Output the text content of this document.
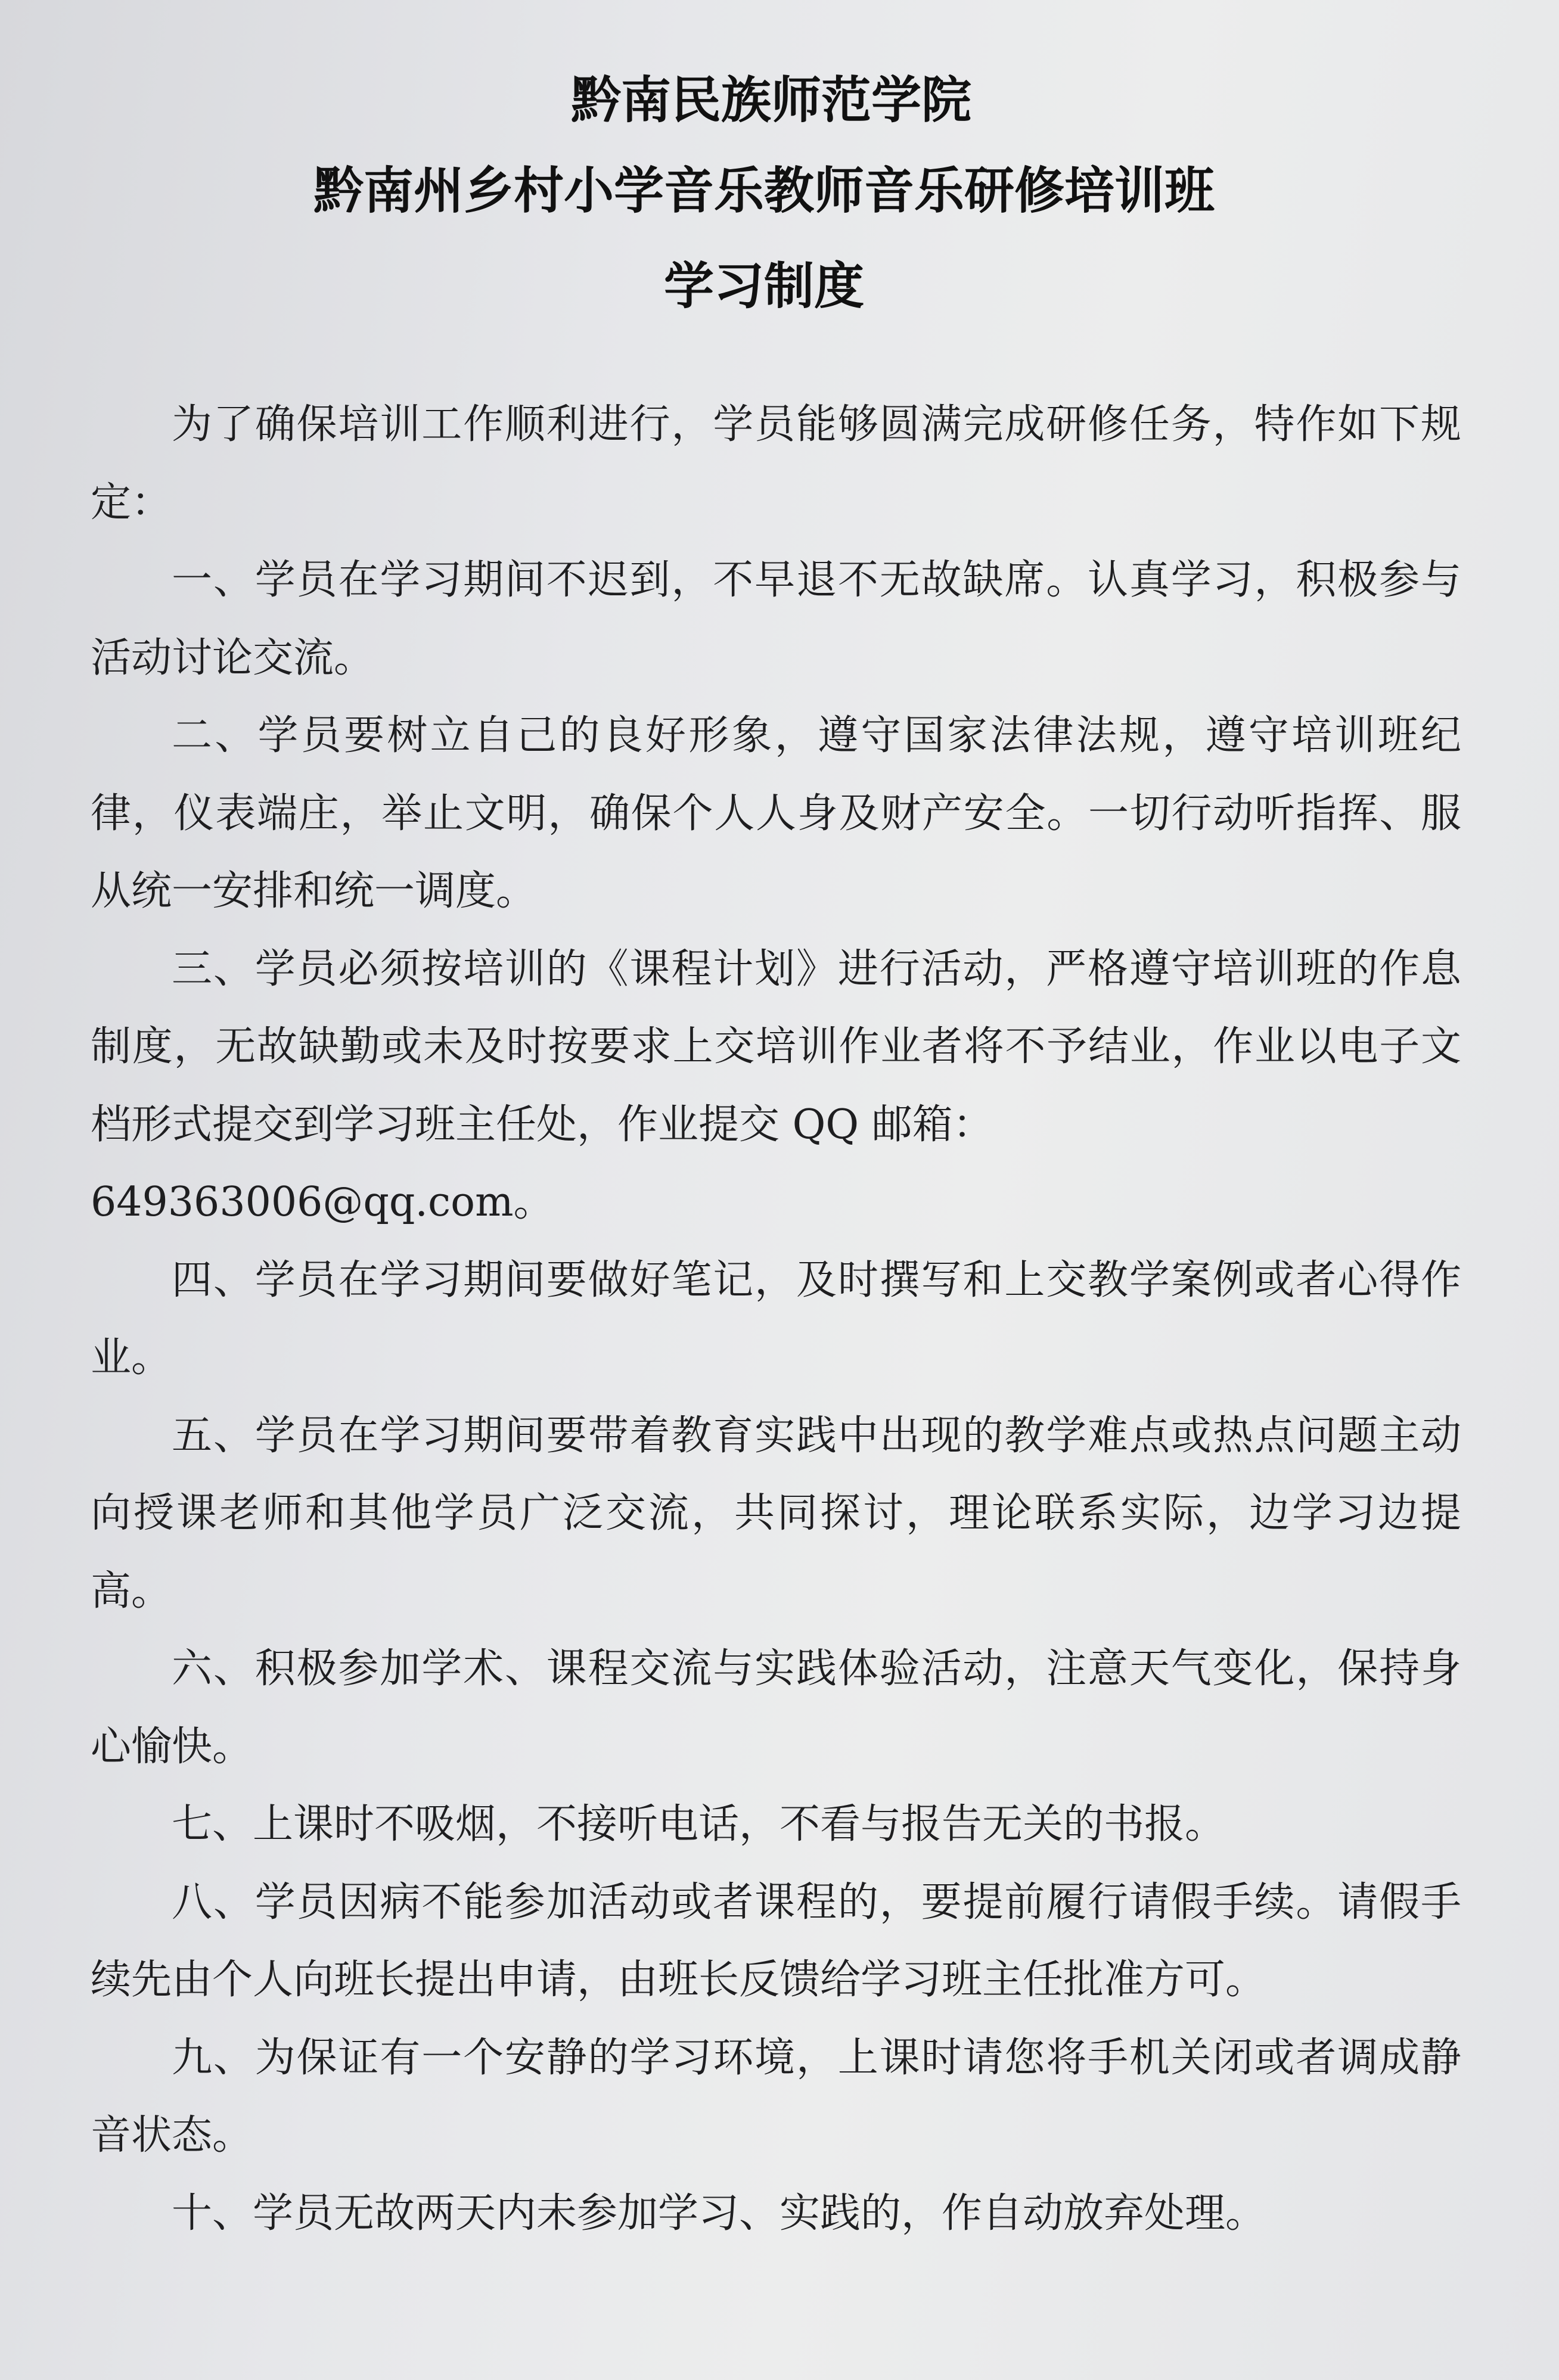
黔南民族师范学院
黔南州乡村小学音乐教师音乐研修培训班
学习制度

为了确保培训工作顺利进行，学员能够圆满完成研修任务，特作如下规定：

一、学员在学习期间不迟到，不早退不无故缺席。认真学习，积极参与活动讨论交流。

二、学员要树立自己的良好形象，遵守国家法律法规，遵守培训班纪律，仪表端庄，举止文明，确保个人人身及财产安全。一切行动听指挥、服从统一安排和统一调度。

三、学员必须按培训的《课程计划》进行活动，严格遵守培训班的作息制度，无故缺勤或未及时按要求上交培训作业者将不予结业，作业以电子文档形式提交到学习班主任处，作业提交 QQ 邮箱：

649363006@qq.com。

四、学员在学习期间要做好笔记，及时撰写和上交教学案例或者心得作业。

五、学员在学习期间要带着教育实践中出现的教学难点或热点问题主动向授课老师和其他学员广泛交流，共同探讨，理论联系实际，边学习边提高。

六、积极参加学术、课程交流与实践体验活动，注意天气变化，保持身心愉快。

七、上课时不吸烟，不接听电话，不看与报告无关的书报。

八、学员因病不能参加活动或者课程的，要提前履行请假手续。请假手续先由个人向班长提出申请，由班长反馈给学习班主任批准方可。

九、为保证有一个安静的学习环境，上课时请您将手机关闭或者调成静音状态。

十、学员无故两天内未参加学习、实践的，作自动放弃处理。
